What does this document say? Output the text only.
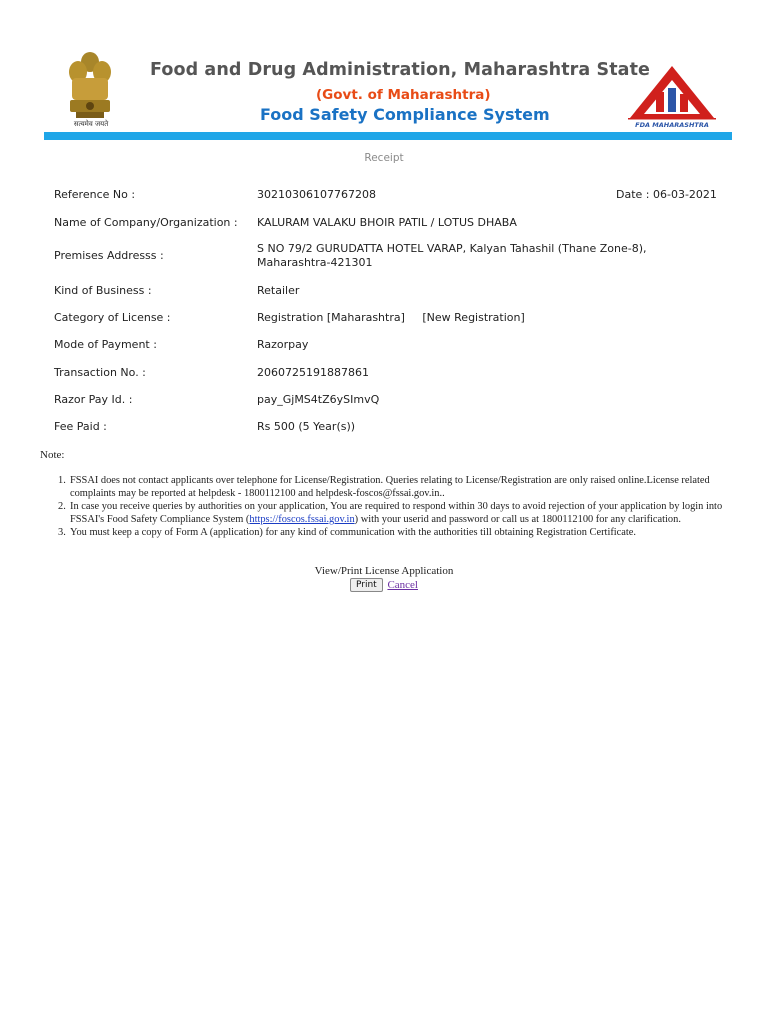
सत्यमेव जयते
Food and Drug Administration, Maharashtra State
(Govt. of Maharashtra)
Food Safety Compliance System
FDA MAHARASHTRA
Receipt
Reference No :	30210306107767208	Date : 06-03-2021
Name of Company/Organization :	KALURAM VALAKU BHOIR PATIL / LOTUS DHABA
Premises Addresss :
S NO 79/2 GURUDATTA HOTEL VARAP, Kalyan Tahashil (Thane Zone-8), Maharashtra-421301
Kind of Business :	Retailer
Category of License :	Registration [Maharashtra]     [New Registration]
Mode of Payment :	Razorpay
Transaction No. :	2060725191887861
Razor Pay Id. :	pay_GjMS4tZ6ySImvQ
Fee Paid :	Rs 500 (5 Year(s))
Note:
1. FSSAI does not contact applicants over telephone for License/Registration. Queries relating to License/Registration are only raised online.License related complaints may be reported at helpdesk - 1800112100 and helpdesk-foscos@fssai.gov.in..
2. In case you receive queries by authorities on your application, You are required to respond within 30 days to avoid rejection of your application by login into FSSAI's Food Safety Compliance System (https://foscos.fssai.gov.in) with your userid and password or call us at 1800112100 for any clarification.
3. You must keep a copy of Form A (application) for any kind of communication with the authorities till obtaining Registration Certificate.
View/Print License Application
Print Cancel
